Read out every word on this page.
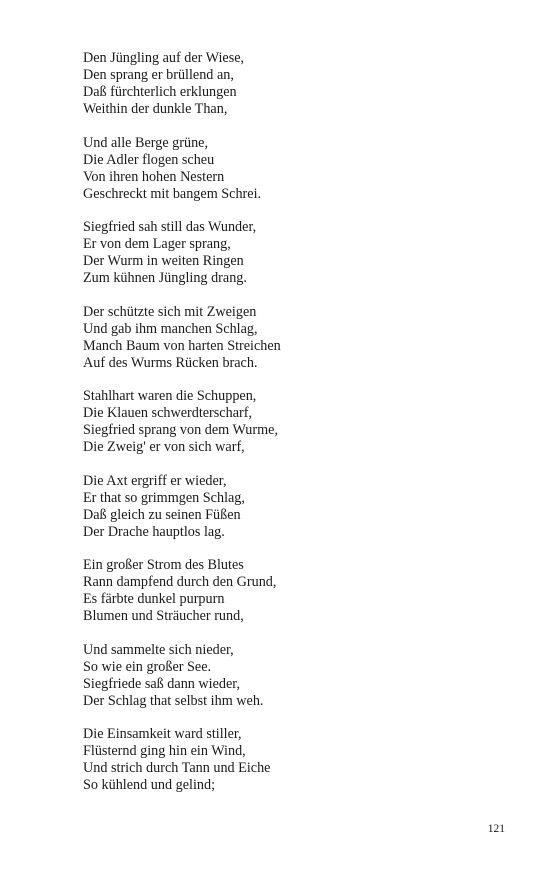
Den Jüngling auf der Wiese,
Den sprang er brüllend an,
Daß fürchterlich erklungen
Weithin der dunkle Than,
Und alle Berge grüne,
Die Adler flogen scheu
Von ihren hohen Nestern
Geschreckt mit bangem Schrei.
Siegfried sah still das Wunder,
Er von dem Lager sprang,
Der Wurm in weiten Ringen
Zum kühnen Jüngling drang.
Der schützte sich mit Zweigen
Und gab ihm manchen Schlag,
Manch Baum von harten Streichen
Auf des Wurms Rücken brach.
Stahlhart waren die Schuppen,
Die Klauen schwerdterscharf,
Siegfried sprang von dem Wurme,
Die Zweig' er von sich warf,
Die Axt ergriff er wieder,
Er that so grimmgen Schlag,
Daß gleich zu seinen Füßen
Der Drache hauptlos lag.
Ein großer Strom des Blutes
Rann dampfend durch den Grund,
Es färbte dunkel purpurn
Blumen und Sträucher rund,
Und sammelte sich nieder,
So wie ein großer See.
Siegfriede saß dann wieder,
Der Schlag that selbst ihm weh.
Die Einsamkeit ward stiller,
Flüsternd ging hin ein Wind,
Und strich durch Tann und Eiche
So kühlend und gelind;
121
